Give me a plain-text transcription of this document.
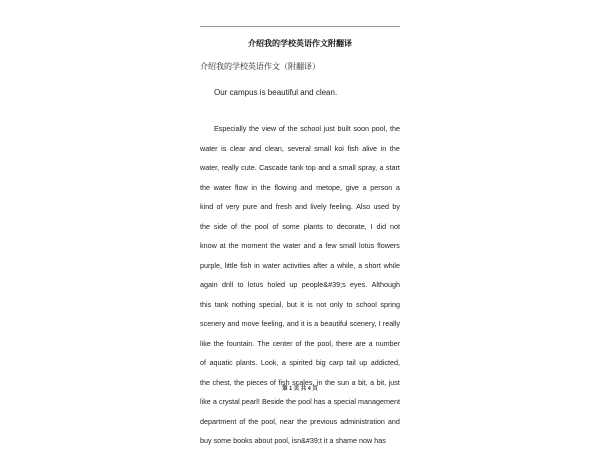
介绍我的学校英语作文附翻译
介绍我的学校英语作文（附翻译）
Our campus is beautiful and clean.
Especially the view of the school just built soon pool, the
water is clear and clean, several small koi fish alive in the
water, really cute. Cascade tank top and a small spray, a start
the water flow in the flowing and metope, give a person a
kind of very pure and fresh and lively feeling. Also used by
the side of the pool of some plants to decorate, I did not
know at the moment the water and a few small lotus flowers
purple, little fish in water activities after a while, a short while
again drill to lotus holed up people&#39;s eyes. Although
this tank nothing special, but it is not only to school spring
scenery and move feeling, and it is a beautiful scenery, I really
like the fountain. The center of the pool, there are a number
of aquatic plants. Look, a spirited big carp tail up addicted,
the chest, the pieces of fish scales, in the sun a bit, a bit, just
like a crystal pearl! Beside the pool has a special management
department of the pool, near the previous administration and
buy some books about pool, isn&#39;t it a shame now has
第 1 页 共 4 页
